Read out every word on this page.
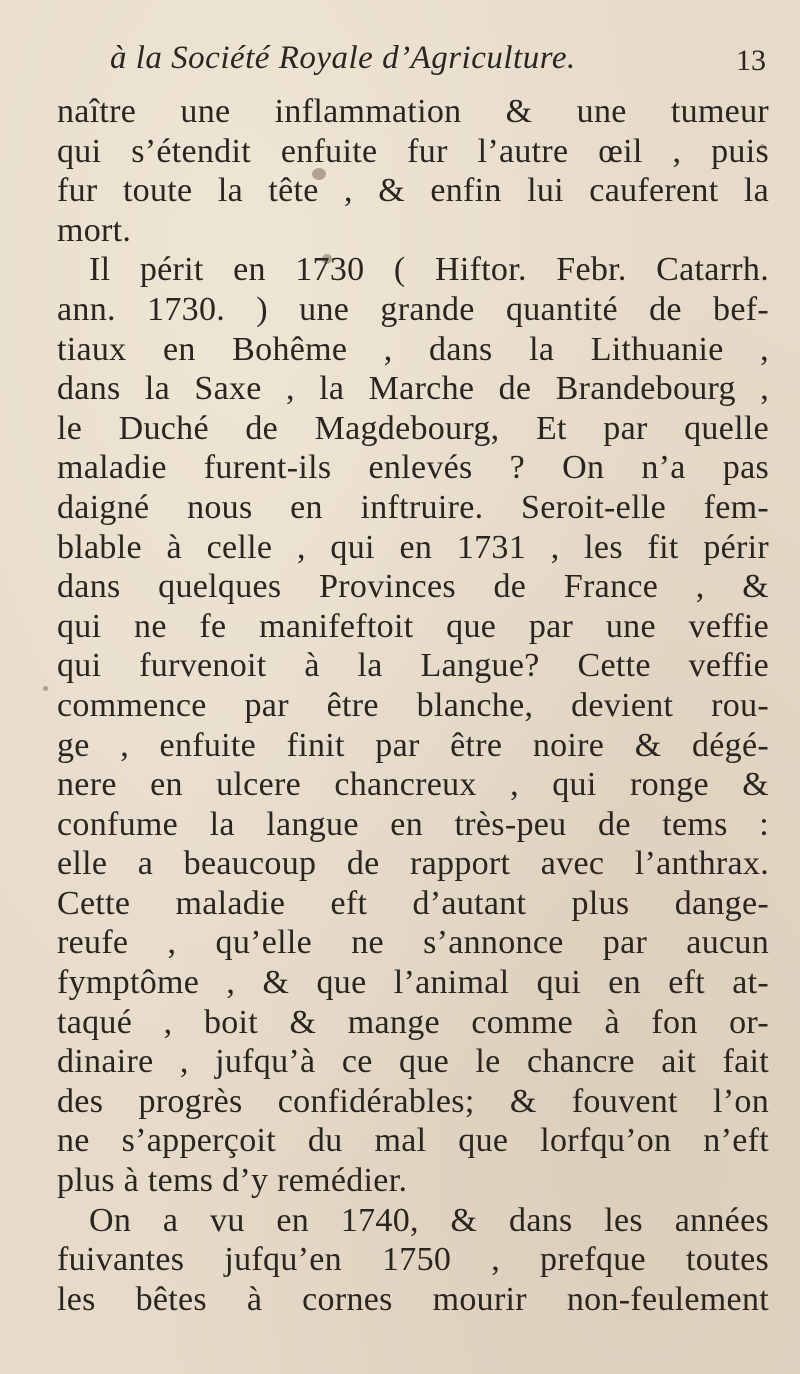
à la Société Royale d’Agriculture.	13
naître une inflammation & une tumeur
qui s’étendit enfuite fur l’autre œil , puis
fur toute la tête , & enfin lui cauferent la
mort.
Il périt en 1730 ( Hiftor. Febr. Catarrh.
ann. 1730. ) une grande quantité de bef-
tiaux en Bohême , dans la Lithuanie ,
dans la Saxe , la Marche de Brandebourg ,
le Duché de Magdebourg, Et par quelle
maladie furent-ils enlevés ? On n’a pas
daigné nous en inftruire. Seroit-elle fem-
blable à celle , qui en 1731 , les fit périr
dans quelques Provinces de France , &
qui ne fe manifeftoit que par une veffie
qui furvenoit à la Langue? Cette veffie
commence par être blanche, devient rou-
ge , enfuite finit par être noire & dégé-
nere en ulcere chancreux , qui ronge &
confume la langue en très-peu de tems :
elle a beaucoup de rapport avec l’anthrax.
Cette maladie eft d’autant plus dange-
reufe , qu’elle ne s’annonce par aucun
fymptôme , & que l’animal qui en eft at-
taqué , boit & mange comme à fon or-
dinaire , jufqu’à ce que le chancre ait fait
des progrès confidérables; & fouvent l’on
ne s’apperçoit du mal que lorfqu’on n’eft
plus à tems d’y remédier.
On a vu en 1740, & dans les années
fuivantes jufqu’en 1750 , prefque toutes
les bêtes à cornes mourir non-feulement
